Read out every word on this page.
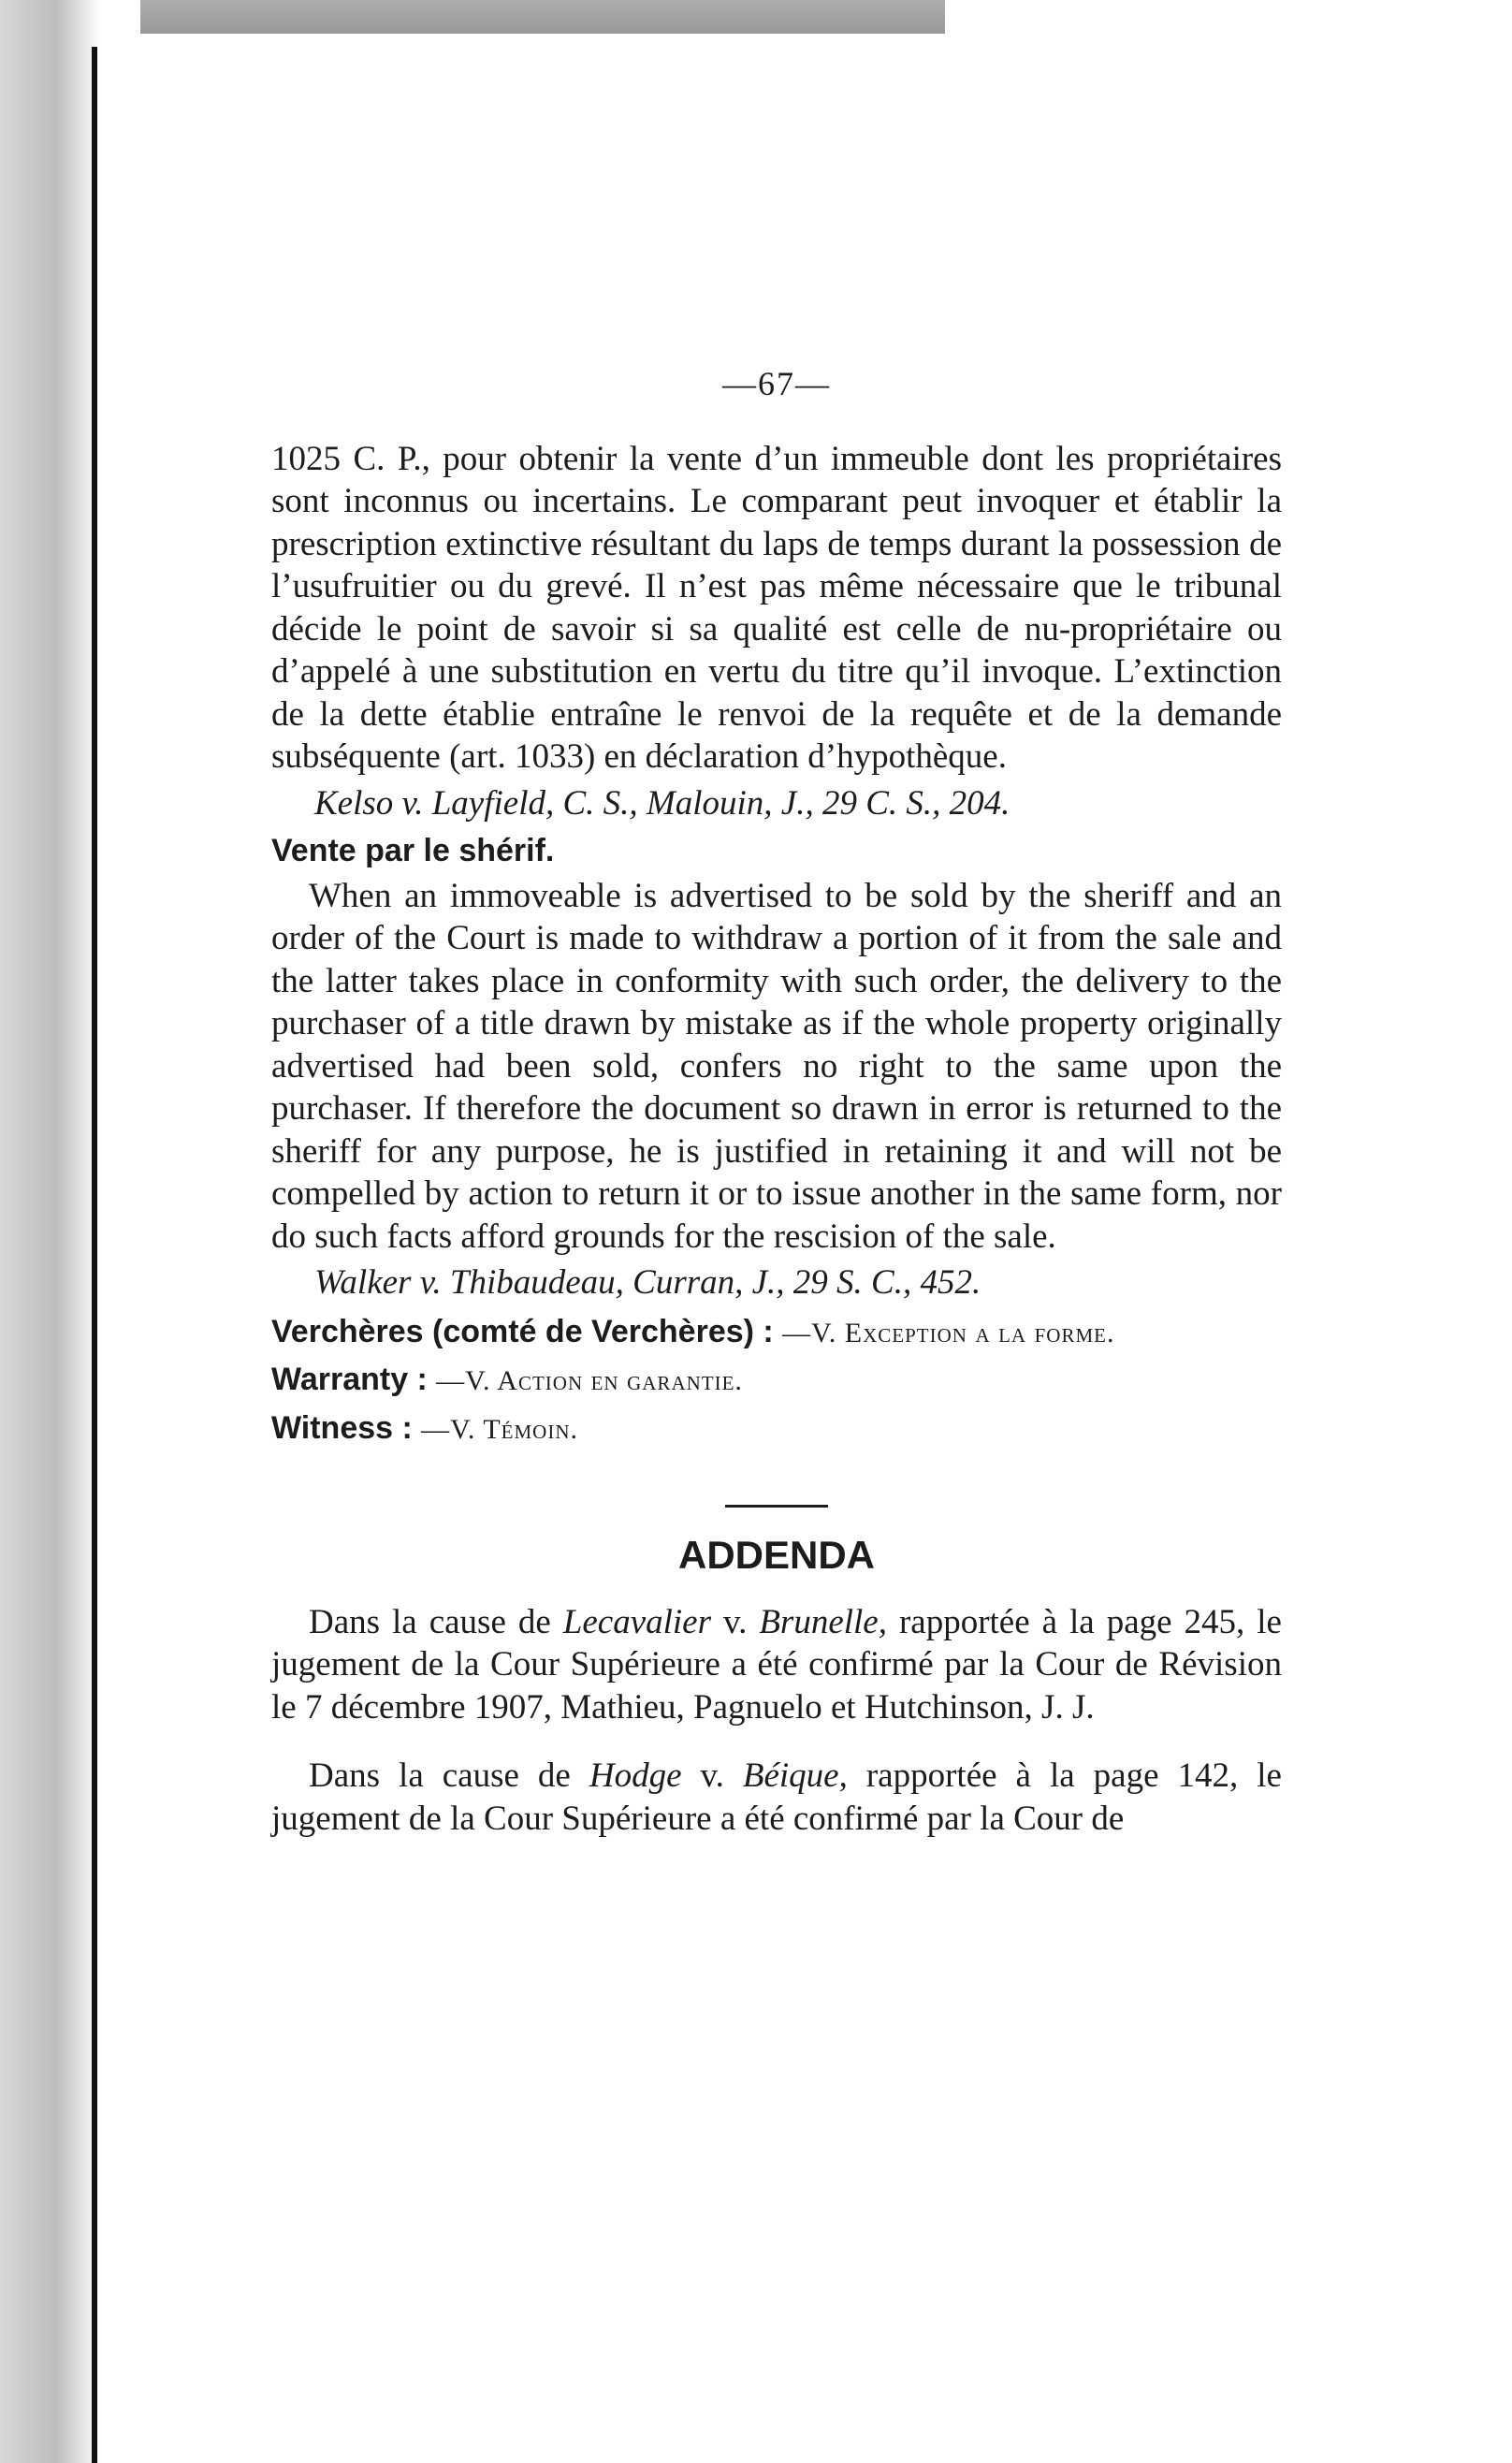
—67—

1025 C. P., pour obtenir la vente d’un immeuble dont les propriétaires sont inconnus ou incertains. Le comparant peut invoquer et établir la prescription extinctive résultant du laps de temps durant la possession de l’usufruitier ou du grevé. Il n’est pas même nécessaire que le tribunal décide le point de savoir si sa qualité est celle de nu-propriétaire ou d’appelé à une substitution en vertu du titre qu’il invoque. L’extinction de la dette établie entraîne le renvoi de la requête et de la demande subséquente (art. 1033) en déclaration d’hypothèque.

Kelso v. Layfield, C. S., Malouin, J., 29 C. S., 204.

Vente par le shérif.

When an immoveable is advertised to be sold by the sheriff and an order of the Court is made to withdraw a portion of it from the sale and the latter takes place in conformity with such order, the delivery to the purchaser of a title drawn by mistake as if the whole property originally advertised had been sold, confers no right to the same upon the purchaser. If therefore the document so drawn in error is returned to the sheriff for any purpose, he is justified in retaining it and will not be compelled by action to return it or to issue another in the same form, nor do such facts afford grounds for the rescision of the sale.

Walker v. Thibaudeau, Curran, J., 29 S. C., 452.

Verchères (comté de Verchères) : —V. Exception a la forme.
Warranty : —V. Action en garantie.
Witness : —V. Témoin.
ADDENDA

Dans la cause de Lecavalier v. Brunelle, rapportée à la page 245, le jugement de la Cour Supérieure a été confirmé par la Cour de Révision le 7 décembre 1907, Mathieu, Pagnuelo et Hutchinson, J. J.

Dans la cause de Hodge v. Béique, rapportée à la page 142, le jugement de la Cour Supérieure a été confirmé par la Cour de
